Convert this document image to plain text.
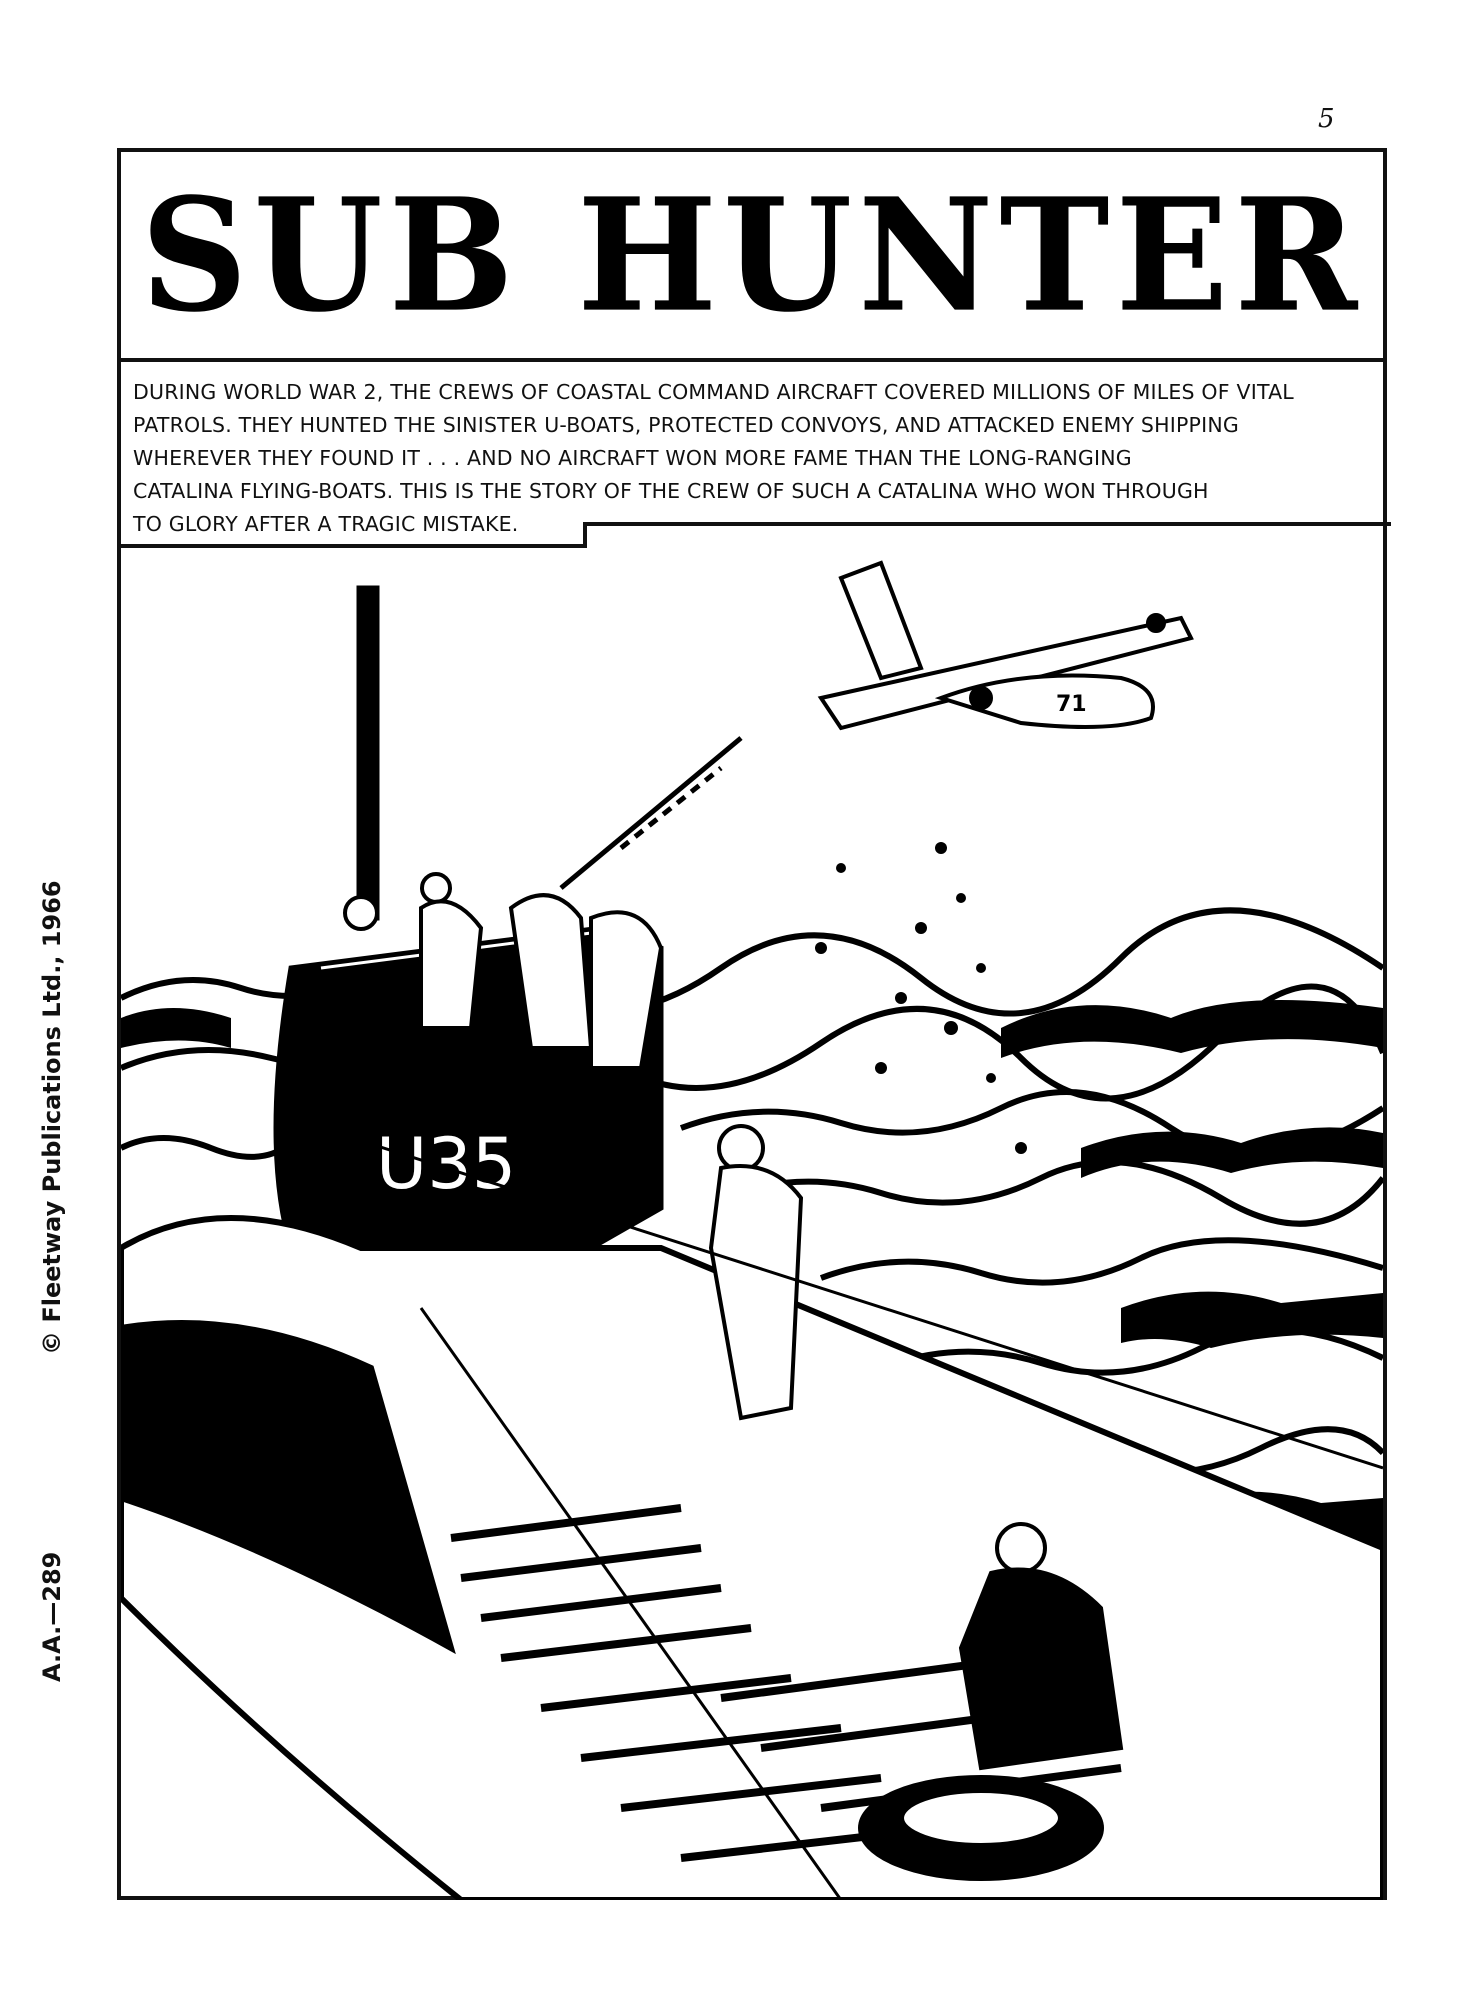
5
© Fleetway Publications Ltd., 1966
A.A.—289
SUB HUNTER
DURING WORLD WAR 2, THE CREWS OF COASTAL COMMAND AIRCRAFT COVERED MILLIONS OF MILES OF VITAL
PATROLS. THEY HUNTED THE SINISTER U-BOATS, PROTECTED CONVOYS, AND ATTACKED ENEMY SHIPPING
WHEREVER THEY FOUND IT . . . AND NO AIRCRAFT WON MORE FAME THAN THE LONG-RANGING
CATALINA FLYING-BOATS. THIS IS THE STORY OF THE CREW OF SUCH A CATALINA WHO WON THROUGH
TO GLORY AFTER A TRAGIC MISTAKE.
71
U35
